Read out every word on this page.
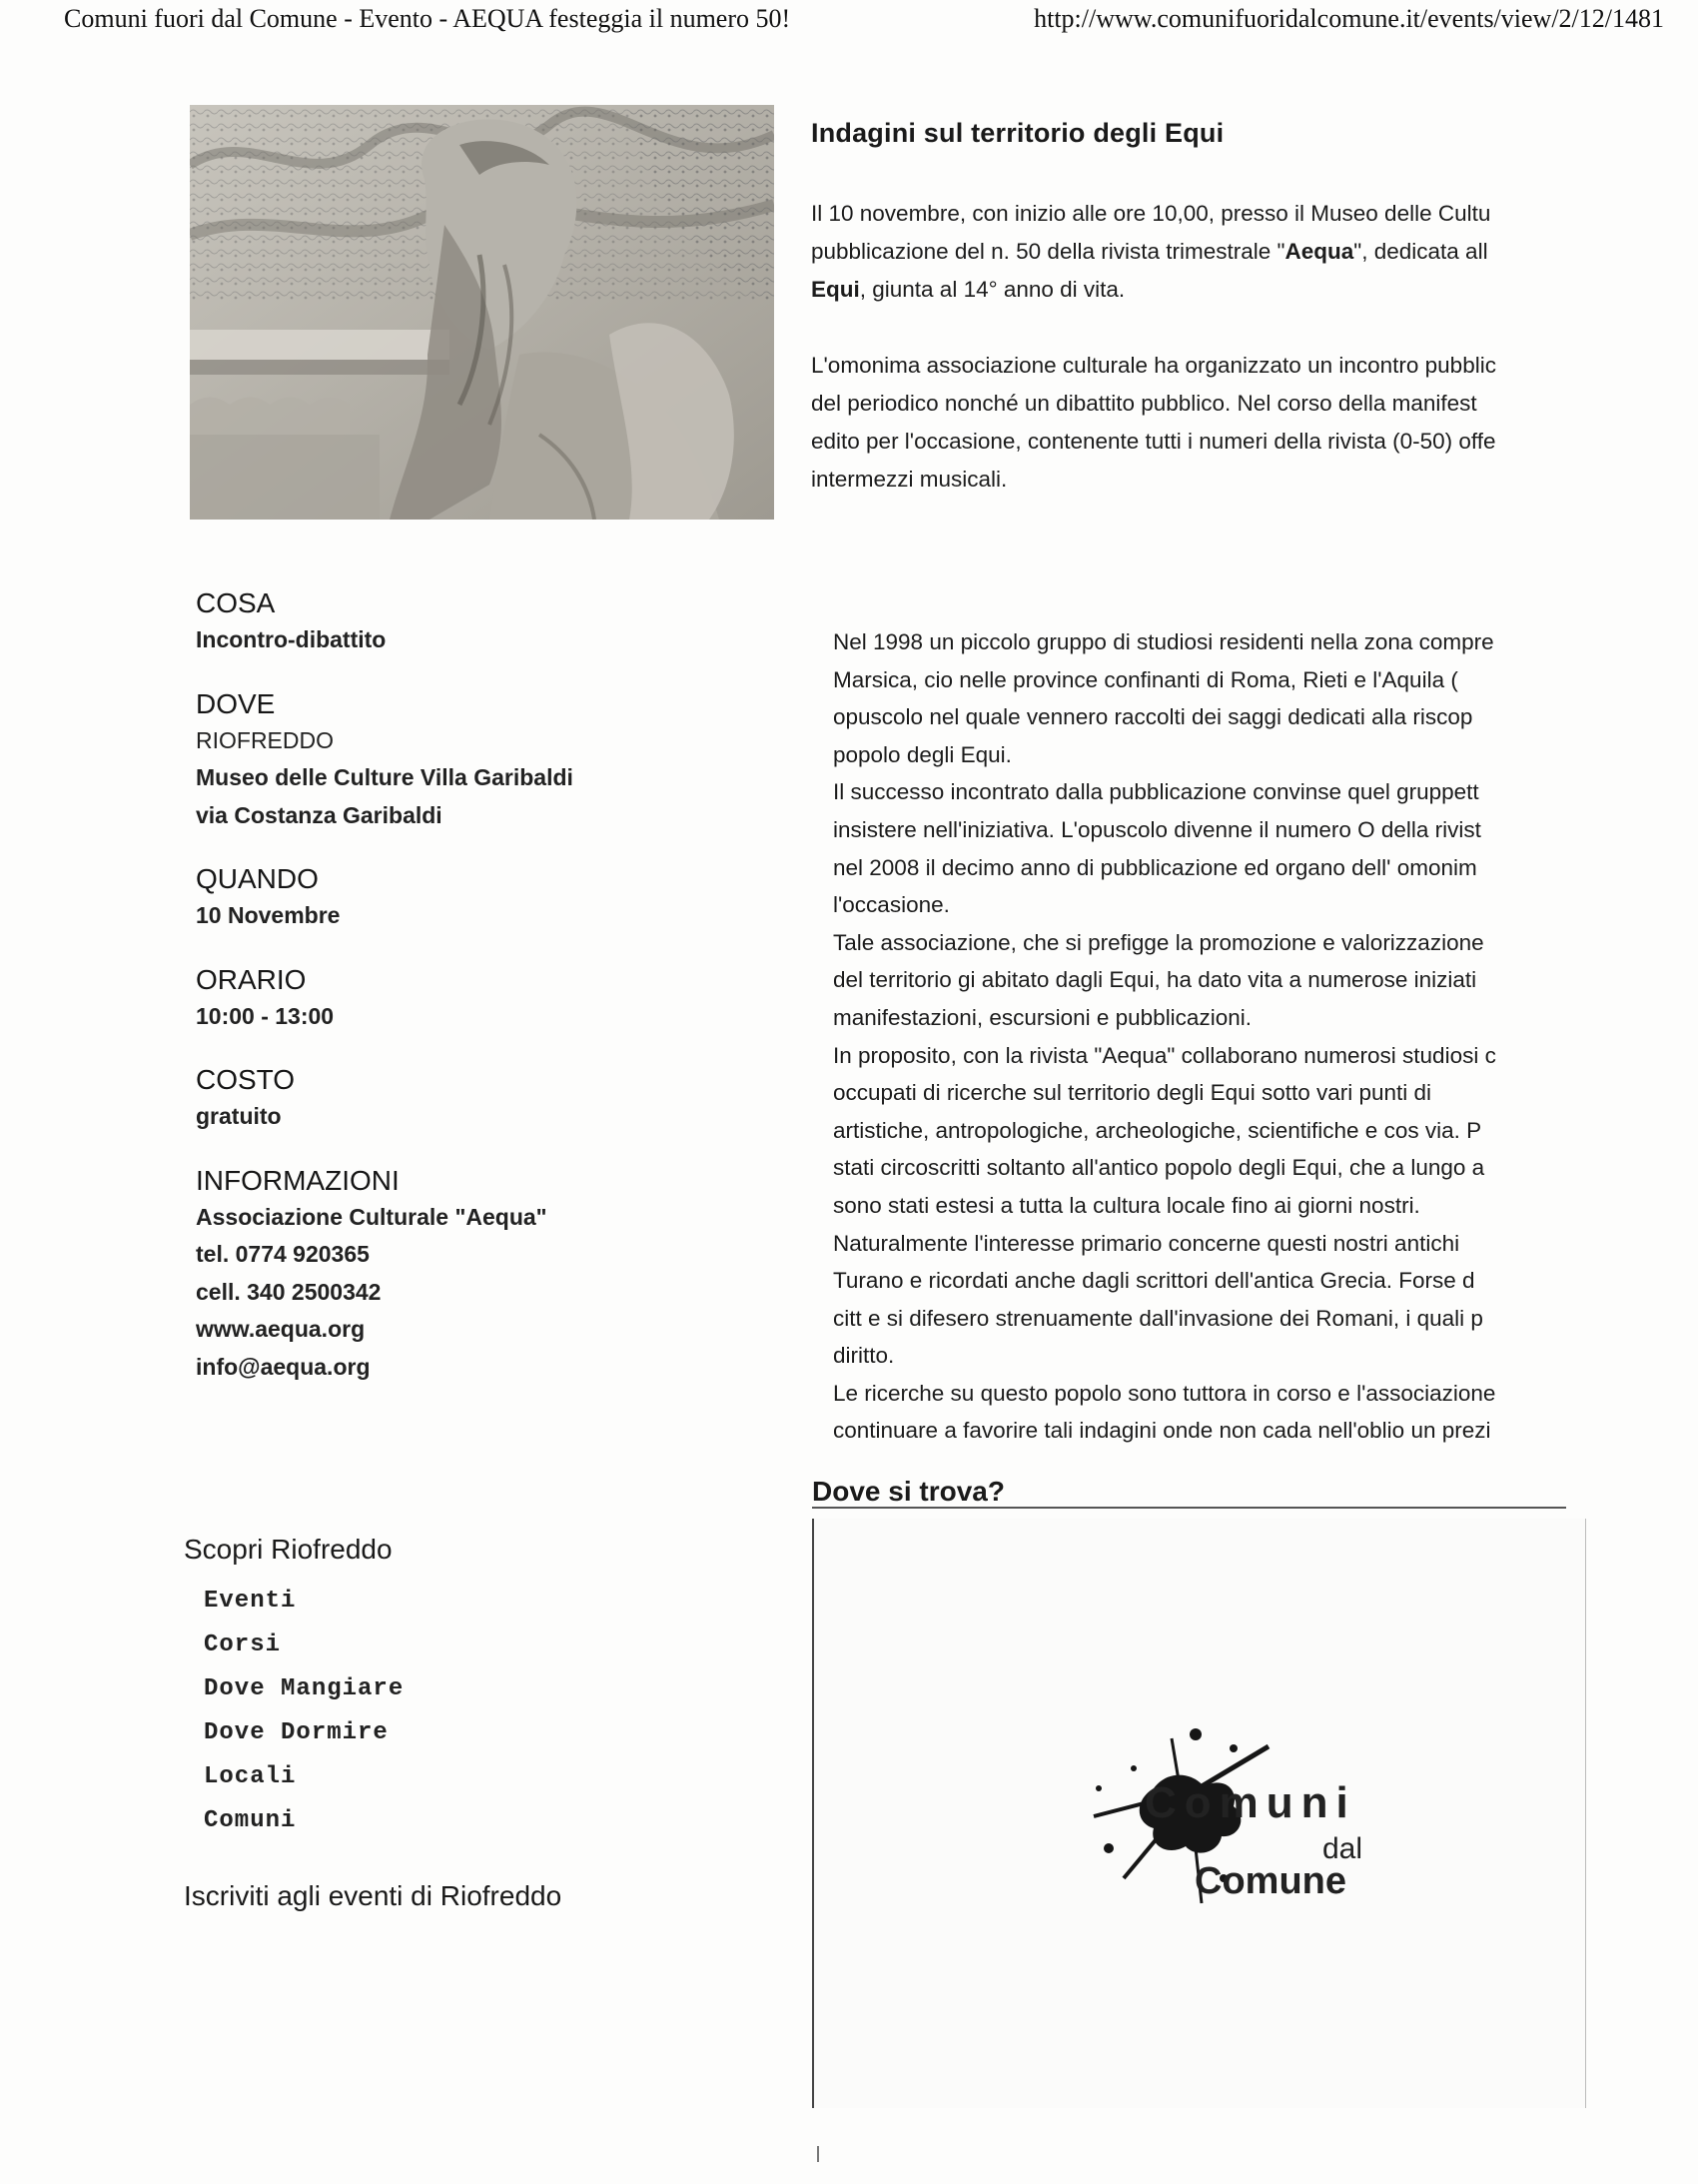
Comuni fuori dal Comune - Evento - AEQUA festeggia il numero 50!	http://www.comunifuoridalcomune.it/events/view/2/12/1481
Indagini sul territorio degli Equi

Il 10 novembre, con inizio alle ore 10,00, presso il Museo delle Cultu

pubblicazione del n. 50 della rivista trimestrale "Aequa", dedicata all

Equi, giunta al 14° anno di vita.

L'omonima associazione culturale ha organizzato un incontro pubblic

del periodico nonché un dibattito pubblico. Nel corso della manifest

edito per l'occasione, contenente tutti i numeri della rivista (0-50) offe

intermezzi musicali.

COSA
Incontro-dibattito
DOVE
RIOFREDDO
Museo delle Culture Villa Garibaldi
via Costanza Garibaldi
QUANDO
10 Novembre
ORARIO
10:00 - 13:00
COSTO
gratuito
INFORMAZIONI
Associazione Culturale "Aequa"
tel. 0774 920365
cell. 340 2500342
www.aequa.org
info@aequa.org

Nel 1998 un piccolo gruppo di studiosi residenti nella zona compre

Marsica, cio nelle province confinanti di Roma, Rieti e l'Aquila (

opuscolo nel quale vennero raccolti dei saggi dedicati alla riscop

popolo degli Equi.

Il successo incontrato dalla pubblicazione convinse quel gruppett

insistere nell'iniziativa. L'opuscolo divenne il numero O della rivist

nel 2008 il decimo anno di pubblicazione ed organo dell' omonim

l'occasione.

Tale associazione, che si prefigge la promozione e valorizzazione

del territorio gi abitato dagli Equi, ha dato vita a numerose iniziati

manifestazioni, escursioni e pubblicazioni.

In proposito, con la rivista "Aequa" collaborano numerosi studiosi c

occupati di ricerche sul territorio degli Equi sotto vari punti di

artistiche, antropologiche, archeologiche, scientifiche e cos via. P

stati circoscritti soltanto all'antico popolo degli Equi, che a lungo a

sono stati estesi a tutta la cultura locale fino ai giorni nostri.

Naturalmente l'interesse primario concerne questi nostri antichi

Turano e ricordati anche dagli scrittori dell'antica Grecia. Forse d

citt e si difesero strenuamente dall'invasione dei Romani, i quali p

diritto.

Le ricerche su questo popolo sono tuttora in corso e l'associazione

continuare a favorire tali indagini onde non cada nell'oblio un prezi

Scopri Riofreddo
Eventi
Corsi
Dove Mangiare
Dove Dormire
Locali
Comuni
Iscriviti agli eventi di Riofreddo
Dove si trova?
Comuni
dal
Comune
